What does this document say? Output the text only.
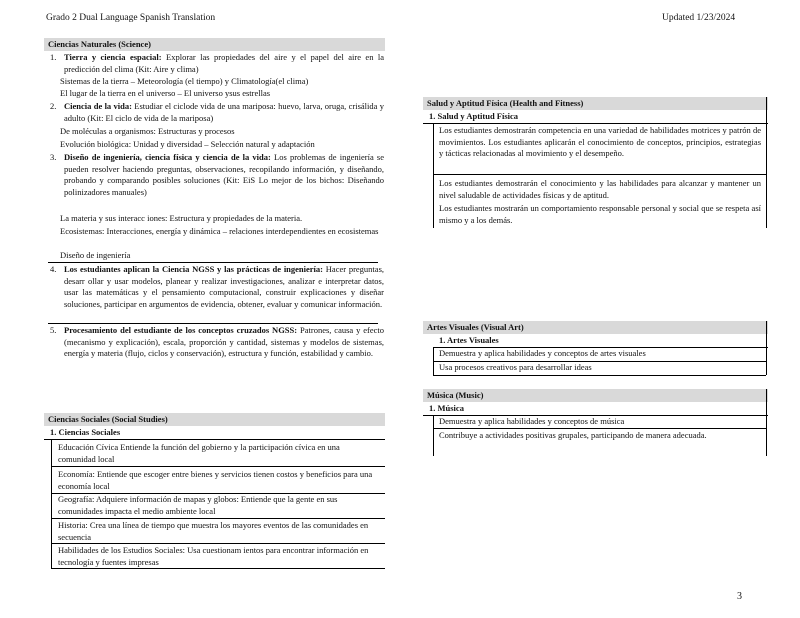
Grado 2 Dual Language Spanish Translation	Updated 1/23/2024
Ciencias Naturales (Science)
1. Tierra y ciencia espacial: Explorar las propiedades del aire y el papel del aire en la predicción del clima (Kit: Aire y clima)
Sistemas de la tierra – Meteorología (el tiempo) y Climatología(el clima)
El lugar de la tierra en el universo – El universo ysus estrellas
2. Ciencia de la vida: Estudiar el ciclode vida de una mariposa: huevo, larva, oruga, crisálida y adulto (Kit: El ciclo de vida de la mariposa)
De moléculas a organismos: Estructuras y procesos
Evolución biológica: Unidad y diversidad – Selección natural y adaptación
3. Diseño de ingeniería, ciencia física y ciencia de la vida: Los problemas de ingeniería se pueden resolver haciendo preguntas, observaciones, recopilando información, y diseñando, probando y comparando posibles soluciones (Kit: EiS Lo mejor de los bichos: Diseñando polinizadores manuales)
La materia y sus interacc iones: Estructura y propiedades de la materia.
Ecosistemas: Interacciones, energía y dinámica – relaciones interdependientes en ecosistemas
Diseño de ingeniería
4. Los estudiantes aplican la Ciencia NGSS y las prácticas de ingeniería: Hacer preguntas, desarr ollar y usar modelos, planear y realizar investigaciones, analizar e interpretar datos, usar las matemáticas y el pensamiento computacional, construir explicaciones y diseñar soluciones, participar en argumentos de evidencia, obtener, evaluar y comunicar información.
5. Procesamiento del estudiante de los conceptos cruzados NGSS: Patrones, causa y efecto (mecanismo y explicación), escala, proporción y cantidad, sistemas y modelos de sistemas, energía y materia (flujo, ciclos y conservación), estructura y función, estabilidad y cambio.
Ciencias Sociales (Social Studies)
1. Ciencias Sociales
Educación Cívica Entiende la función del gobierno y la participación cívica en una comunidad local
Economía: Entiende que escoger entre bienes y servicios tienen costos y beneficios para una economía local
Geografía: Adquiere información de mapas y globos: Entiende que la gente en sus comunidades impacta el medio ambiente local
Historia: Crea una línea de tiempo que muestra los mayores eventos de las comunidades en secuencia
Habilidades de los Estudios Sociales: Usa cuestionam ientos para encontrar información en tecnología y fuentes impresas
Salud y Aptitud Física (Health and Fitness)
1. Salud y Aptitud Física
Los estudiantes demostrarán competencia en una variedad de habilidades motrices y patrón de movimientos. Los estudiantes aplicarán el conocimiento de conceptos, principios, estrategias y tácticas relacionadas al movimiento y el desempeño.
Los estudiantes demostrarán el conocimiento y las habilidades para alcanzar y mantener un nivel saludable de actividades físicas y de aptitud.
Los estudiantes mostrarán un comportamiento responsable personal y social que se respeta así mismo y a los demás.
Artes Visuales (Visual Art)
1. Artes Visuales
Demuestra y aplica habilidades y conceptos de artes visuales
Usa procesos creativos para desarrollar ideas
Música (Music)
1. Música
Demuestra y aplica habilidades y conceptos de música
Contribuye a actividades positivas grupales, participando de manera adecuada.
3
